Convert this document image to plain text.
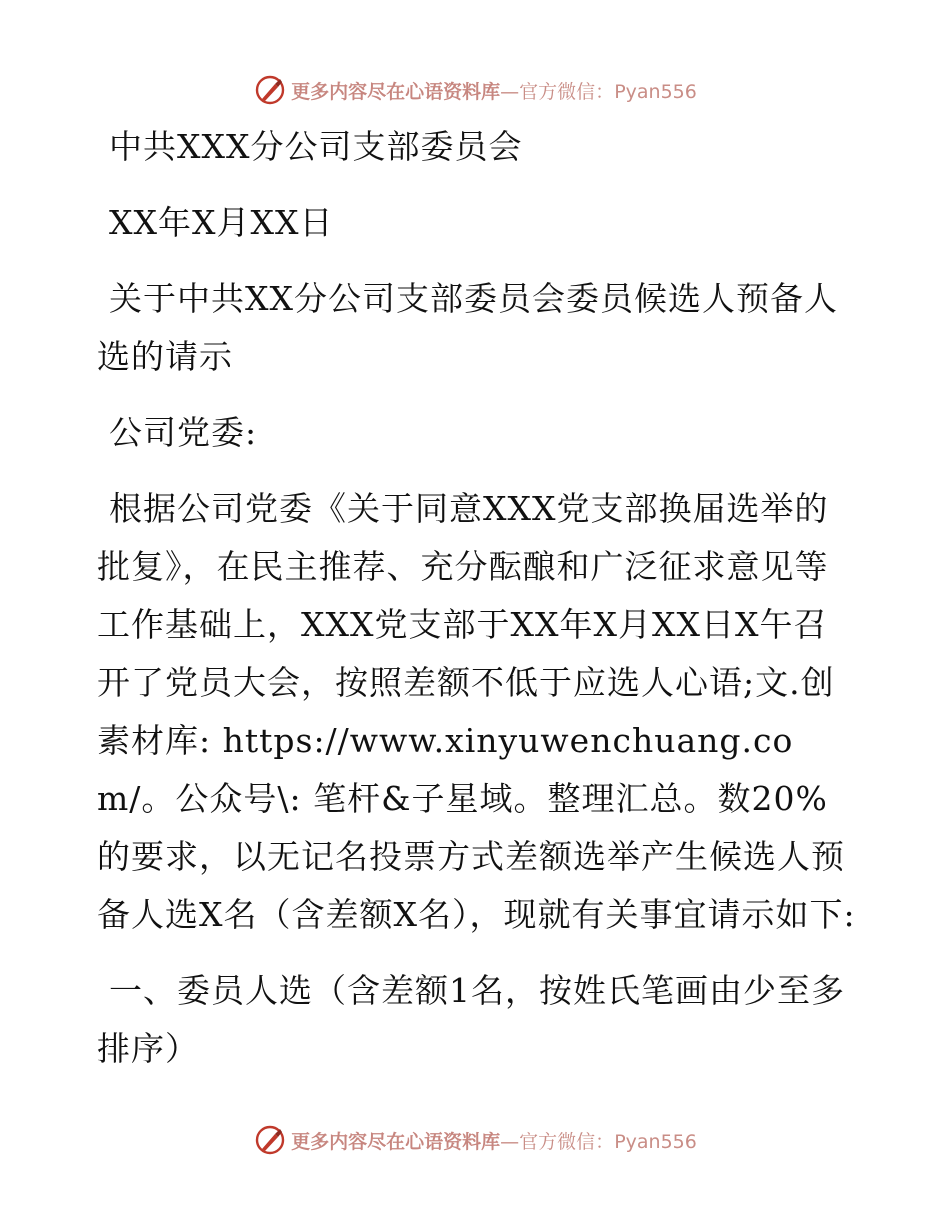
更多内容尽在心语资料库—官方微信：Pyan556

中共XXX分公司支部委员会

XX年X月XX日

关于中共XX分公司支部委员会委员候选人预备人选的请示

公司党委:

根据公司党委《关于同意XXX党支部换届选举的批复》，在民主推荐、充分酝酿和广泛征求意见等工作基础上，XXX党支部于XX年X月XX日X午召开了党员大会，按照差额不低于应选人心语;文.创素材库: https://www.xinyuwenchuang.com/。公众号\: 笔杆&子星域。整理汇总。数20%的要求，以无记名投票方式差额选举产生候选人预备人选X名（含差额X名），现就有关事宜请示如下:

一、委员人选（含差额1名，按姓氏笔画由少至多排序）

更多内容尽在心语资料库—官方微信：Pyan556
